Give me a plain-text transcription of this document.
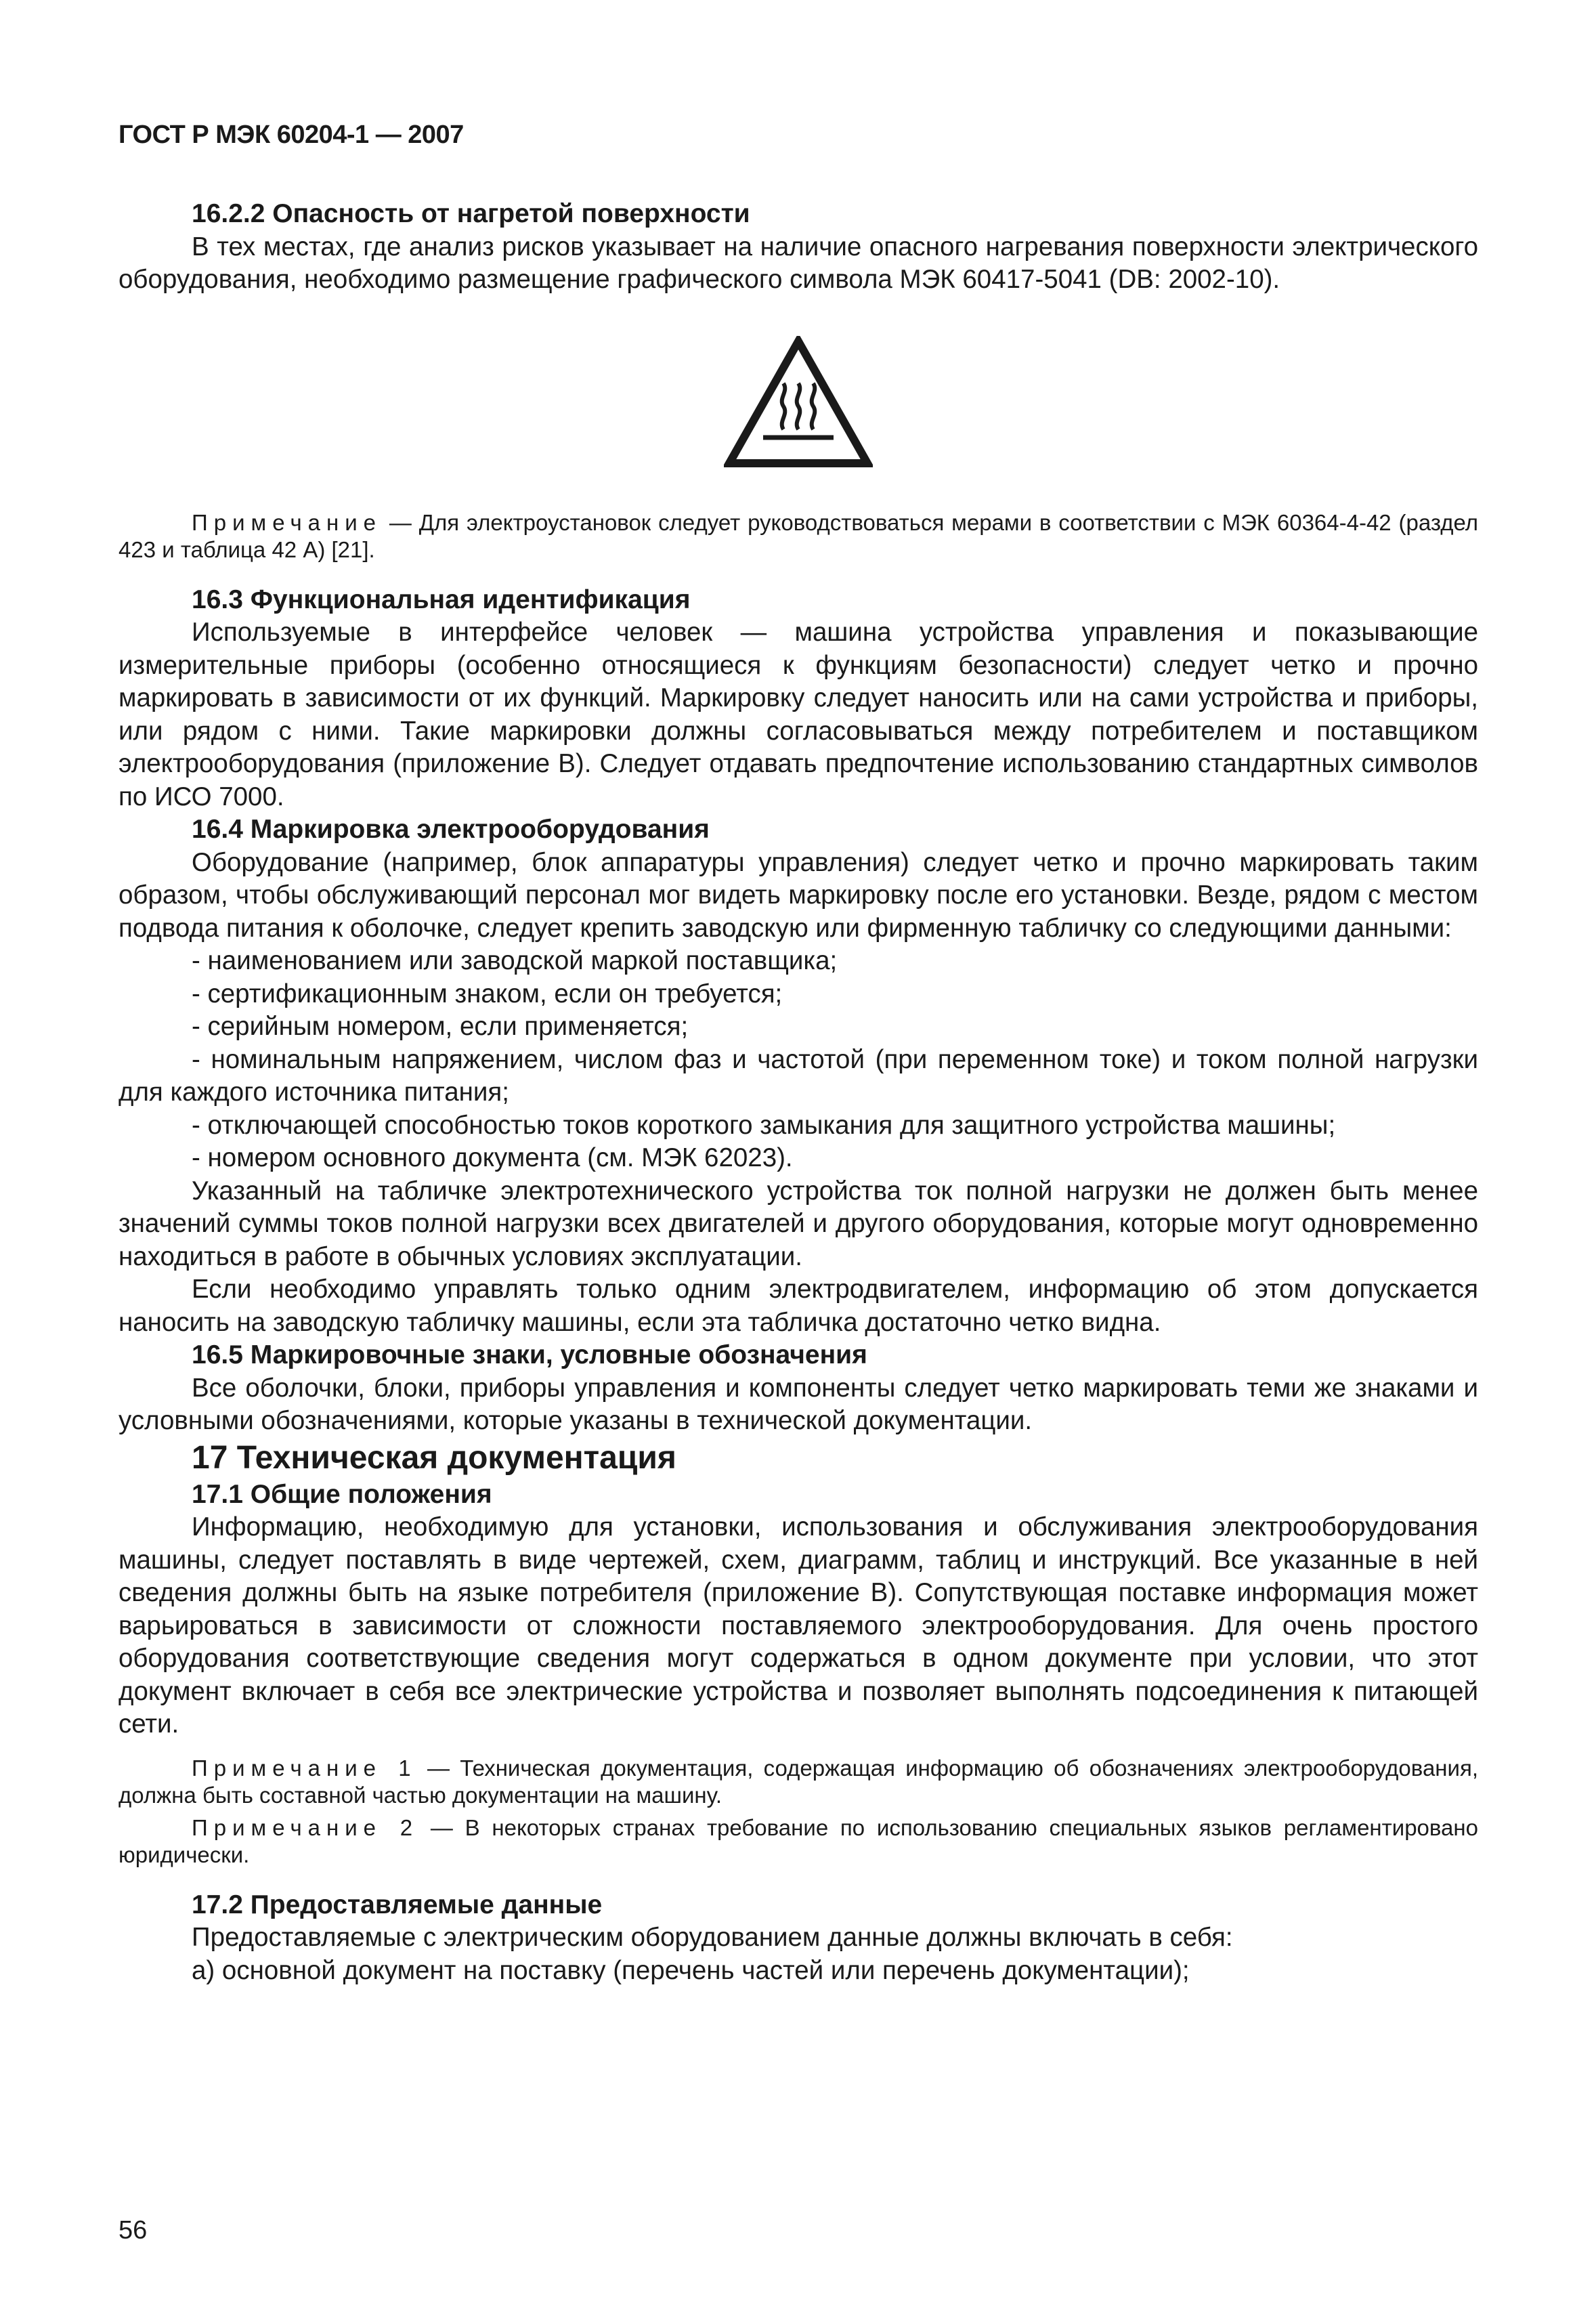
ГОСТ Р МЭК 60204-1 — 2007

16.2.2 Опасность от нагретой поверхности

В тех местах, где анализ рисков указывает на наличие опасного нагревания поверхности электрического оборудования, необходимо размещение графического символа МЭК 60417-5041 (DB: 2002-10).

Примечание — Для электроустановок следует руководствоваться мерами в соответствии с МЭК 60364-4-42 (раздел 423 и таблица 42 А) [21].

16.3 Функциональная идентификация

Используемые в интерфейсе человек — машина устройства управления и показывающие измерительные приборы (особенно относящиеся к функциям безопасности) следует четко и прочно маркировать в зависимости от их функций. Маркировку следует наносить или на сами устройства и приборы, или рядом с ними. Такие маркировки должны согласовываться между потребителем и поставщиком электрооборудования (приложение В). Следует отдавать предпочтение использованию стандартных символов по ИСО 7000.

16.4 Маркировка электрооборудования

Оборудование (например, блок аппаратуры управления) следует четко и прочно маркировать таким образом, чтобы обслуживающий персонал мог видеть маркировку после его установки. Везде, рядом с местом подвода питания к оболочке, следует крепить заводскую или фирменную табличку со следующими данными:

- наименованием или заводской маркой поставщика;

- сертификационным знаком, если он требуется;

- серийным номером, если применяется;

- номинальным напряжением, числом фаз и частотой (при переменном токе) и током полной нагрузки для каждого источника питания;

- отключающей способностью токов короткого замыкания для защитного устройства машины;

- номером основного документа (см. МЭК 62023).

Указанный на табличке электротехнического устройства ток полной нагрузки не должен быть менее значений суммы токов полной нагрузки всех двигателей и другого оборудования, которые могут одновременно находиться в работе в обычных условиях эксплуатации.

Если необходимо управлять только одним электродвигателем, информацию об этом допускается наносить на заводскую табличку машины, если эта табличка достаточно четко видна.

16.5 Маркировочные знаки, условные обозначения

Все оболочки, блоки, приборы управления и компоненты следует четко маркировать теми же знаками и условными обозначениями, которые указаны в технической документации.

17 Техническая документация

17.1 Общие положения

Информацию, необходимую для установки, использования и обслуживания электрооборудования машины, следует поставлять в виде чертежей, схем, диаграмм, таблиц и инструкций. Все указанные в ней сведения должны быть на языке потребителя (приложение В). Сопутствующая поставке информация может варьироваться в зависимости от сложности поставляемого электрооборудования. Для очень простого оборудования соответствующие сведения могут содержаться в одном документе при условии, что этот документ включает в себя все электрические устройства и позволяет выполнять подсоединения к питающей сети.

Примечание 1 — Техническая документация, содержащая информацию об обозначениях электрооборудования, должна быть составной частью документации на машину.

Примечание 2 — В некоторых странах требование по использованию специальных языков регламентировано юридически.

17.2 Предоставляемые данные

Предоставляемые с электрическим оборудованием данные должны включать в себя:

а) основной документ на поставку (перечень частей или перечень документации);

56
